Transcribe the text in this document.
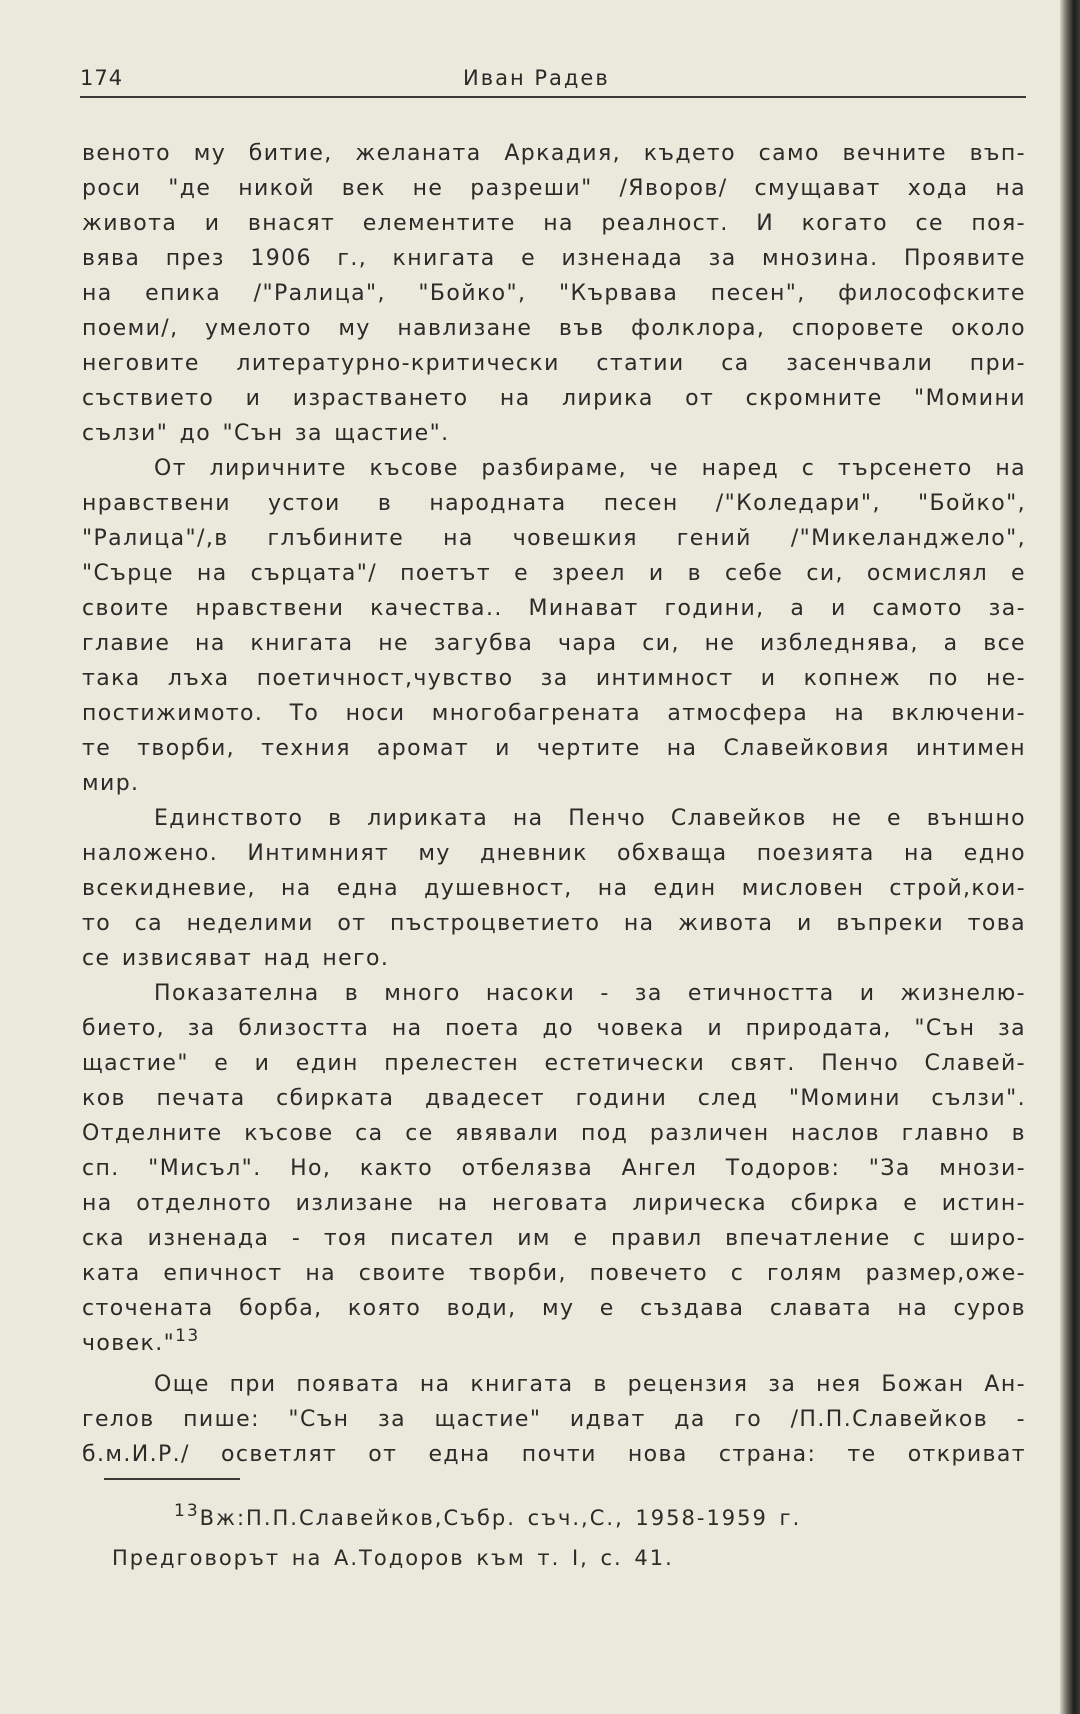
174	Иван Радев
веното му битие, желаната Аркадия, където само вечните въп-
роси "де никой век не разреши" /Яворов/ смущават хода на
живота и внасят елементите на реалност. И когато се поя-
вява през 1906 г., книгата е изненада за мнозина. Проявите
на епика /"Ралица", "Бойко", "Кървава песен", философските
поеми/, умелото му навлизане във фолклора, споровете около
неговите литературно-критически статии са засенчвали при-
съствието и израстването на лирика от скромните "Момини
сълзи" до "Сън за щастие".
От лиричните късове разбираме, че наред с търсенето на
нравствени устои в народната песен /"Коледари", "Бойко",
"Ралица"/,в глъбините на човешкия гений /"Микеланджело",
"Сърце на сърцата"/ поетът е зреел и в себе си, осмислял е
своите нравствени качества.. Минават години, а и самото за-
главие на книгата не загубва чара си, не избледнява, а все
така лъха поетичност,чувство за интимност и копнеж по не-
постижимото. То носи многобагрената атмосфера на включени-
те творби, техния аромат и чертите на Славейковия интимен
мир.
Единството в лириката на Пенчо Славейков не е външно
наложено. Интимният му дневник обхваща поезията на едно
всекидневие, на една душевност, на един мисловен строй,кои-
то са неделими от пъстроцветието на живота и въпреки това
се извисяват над него.
Показателна в много насоки - за етичността и жизнелю-
бието, за близостта на поета до човека и природата, "Сън за
щастие" е и един прелестен естетически свят. Пенчо Славей-
ков печата сбирката двадесет години след "Момини сълзи".
Отделните късове са се явявали под различен наслов главно в
сп. "Мисъл". Но, както отбелязва Ангел Тодоров: "За мнози-
на отделното излизане на неговата лирическа сбирка е истин-
ска изненада - тоя писател им е правил впечатление с широ-
ката епичност на своите творби, повечето с голям размер,оже-
сточената борба, която води, му е създава славата на суров
човек."$^{13}$
Още при появата на книгата в рецензия за нея Божан Ан-
гелов пише: "Сън за щастие" идват да го /П.П.Славейков -
б.м.И.Р./ осветлят от една почти нова страна: те откриват
$^{13}$Вж:П.П.Славейков,Събр. съч.,С., 1958-1959 г.
Предговорът на А.Тодоров към т. I, с. 41.
